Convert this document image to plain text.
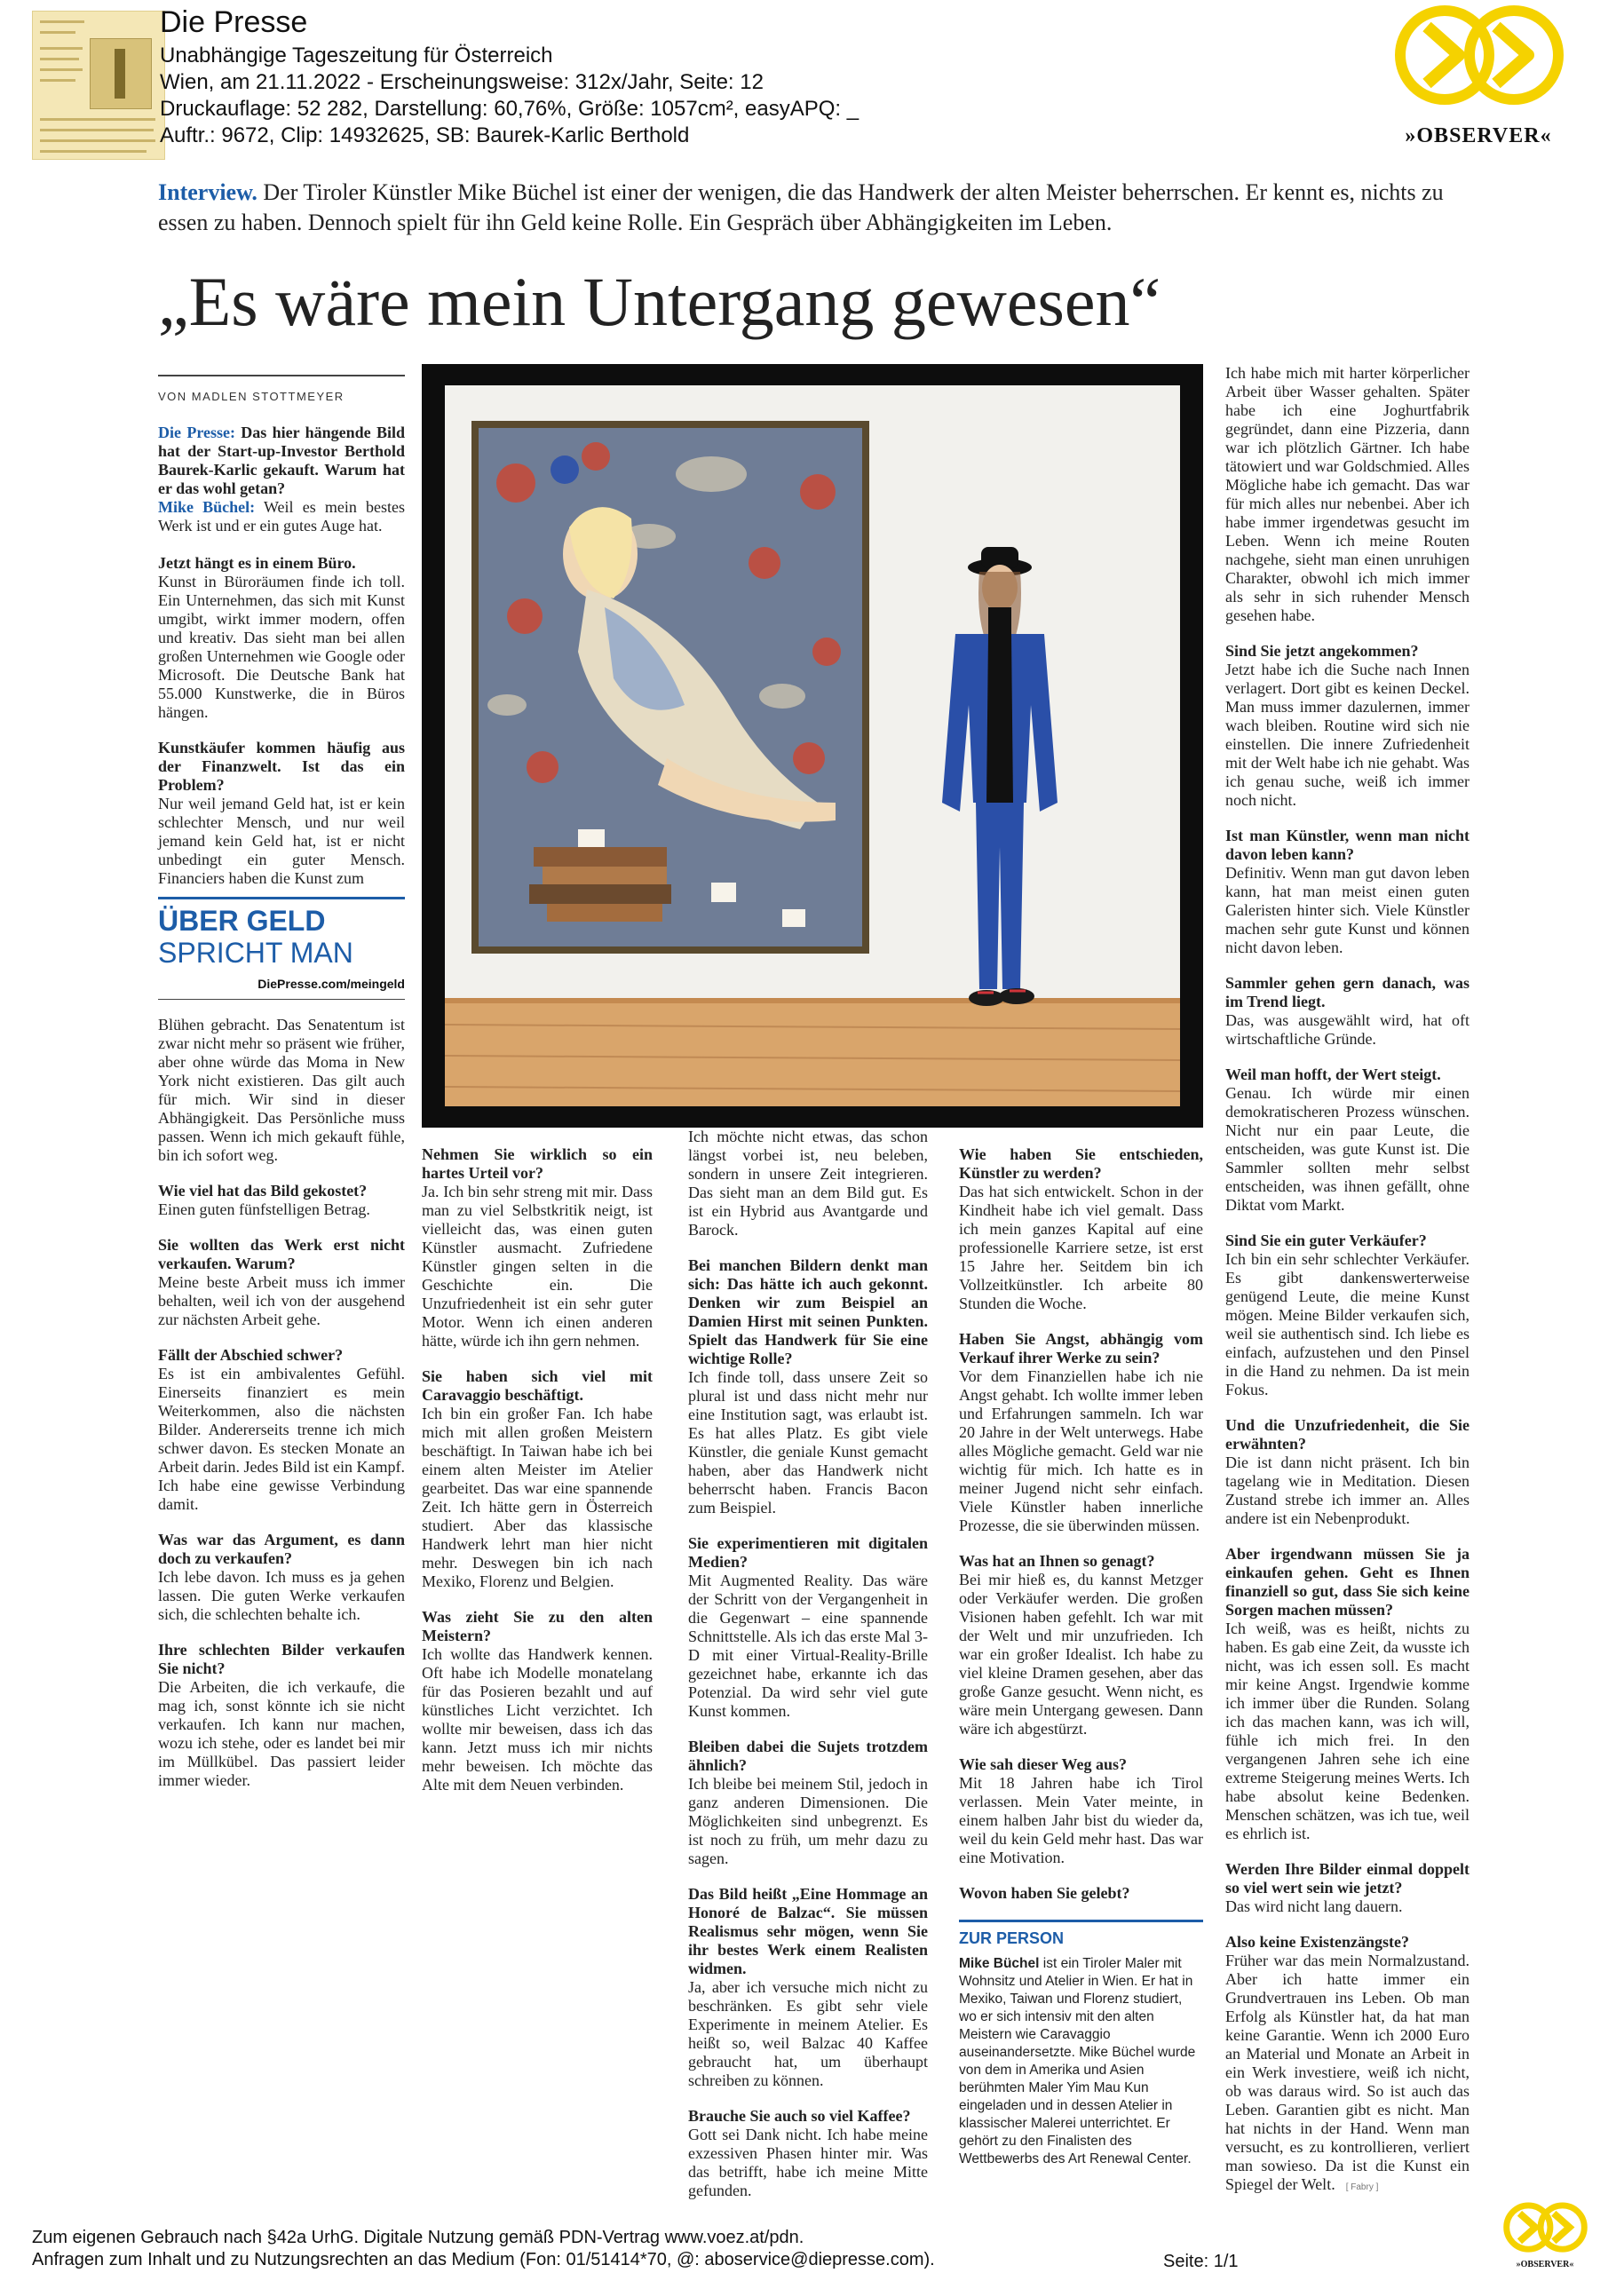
Die Presse
Unabhängige Tageszeitung für Österreich
Wien, am 21.11.2022 - Erscheinungsweise: 312x/Jahr, Seite: 12
Druckauflage: 52 282, Darstellung: 60,76%, Größe: 1057cm², easyAPQ: _
Auftr.: 9672, Clip: 14932625, SB: Baurek-Karlic Berthold	»OBSERVER«
Interview. Der Tiroler Künstler Mike Büchel ist einer der wenigen, die das Handwerk der alten Meister beherrschen. Er kennt es, nichts zu essen zu haben. Dennoch spielt für ihn Geld keine Rolle. Ein Gespräch über Abhängigkeiten im Leben.
„Es wäre mein Untergang gewesen“
VON MADLEN STOTTMEYER

Die Presse: Das hier hängende Bild hat der Start-up-Investor Berthold Baurek-Karlic gekauft. Warum hat er das wohl getan?
Mike Büchel: Weil es mein bestes Werk ist und er ein gutes Auge hat.

Jetzt hängt es in einem Büro.
Kunst in Büroräumen finde ich toll. Ein Unternehmen, das sich mit Kunst umgibt, wirkt immer modern, offen und kreativ. Das sieht man bei allen großen Unternehmen wie Google oder Microsoft. Die Deutsche Bank hat 55.000 Kunstwerke, die in Büros hängen.

Kunstkäufer kommen häufig aus der Finanzwelt. Ist das ein Problem?
Nur weil jemand Geld hat, ist er kein schlechter Mensch, und nur weil jemand kein Geld hat, ist er nicht unbedingt ein guter Mensch. Financiers haben die Kunst zum

ÜBER GELD
SPRICHT MAN
DiePresse.com/meingeld

Blühen gebracht. Das Senatentum ist zwar nicht mehr so präsent wie früher, aber ohne würde das Moma in New York nicht existieren. Das gilt auch für mich. Wir sind in dieser Abhängigkeit. Das Persönliche muss passen. Wenn ich mich gekauft fühle, bin ich sofort weg.

Wie viel hat das Bild gekostet?
Einen guten fünfstelligen Betrag.

Sie wollten das Werk erst nicht verkaufen. Warum?
Meine beste Arbeit muss ich immer behalten, weil ich von der ausgehend zur nächsten Arbeit gehe.

Fällt der Abschied schwer?
Es ist ein ambivalentes Gefühl. Einerseits finanziert es mein Weiterkommen, also die nächsten Bilder. Andererseits trenne ich mich schwer davon. Es stecken Monate an Arbeit darin. Jedes Bild ist ein Kampf. Ich habe eine gewisse Verbindung damit.

Was war das Argument, es dann doch zu verkaufen?
Ich lebe davon. Ich muss es ja gehen lassen. Die guten Werke verkaufen sich, die schlechten behalte ich.

Ihre schlechten Bilder verkaufen Sie nicht?
Die Arbeiten, die ich verkaufe, die mag ich, sonst könnte ich sie nicht verkaufen. Ich kann nur machen, wozu ich stehe, oder es landet bei mir im Müllkübel. Das passiert leider immer wieder.

Nehmen Sie wirklich so ein hartes Urteil vor?
Ja. Ich bin sehr streng mit mir. Dass man zu viel Selbstkritik neigt, ist vielleicht das, was einen guten Künstler ausmacht. Zufriedene Künstler gingen selten in die Geschichte ein. Die Unzufriedenheit ist ein sehr guter Motor. Wenn ich einen anderen hätte, würde ich ihn gern nehmen.

Sie haben sich viel mit Caravaggio beschäftigt.
Ich bin ein großer Fan. Ich habe mich mit allen großen Meistern beschäftigt. In Taiwan habe ich bei einem alten Meister im Atelier gearbeitet. Das war eine spannende Zeit. Ich hätte gern in Österreich studiert. Aber das klassische Handwerk lehrt man hier nicht mehr. Deswegen bin ich nach Mexiko, Florenz und Belgien.

Was zieht Sie zu den alten Meistern?
Ich wollte das Handwerk kennen. Oft habe ich Modelle monatelang für das Posieren bezahlt und auf künstliches Licht verzichtet. Ich wollte mir beweisen, dass ich das kann. Jetzt muss ich mir nichts mehr beweisen. Ich möchte das Alte mit dem Neuen verbinden.

Ich möchte nicht etwas, das schon längst vorbei ist, neu beleben, sondern in unsere Zeit integrieren. Das sieht man an dem Bild gut. Es ist ein Hybrid aus Avantgarde und Barock.

Bei manchen Bildern denkt man sich: Das hätte ich auch gekonnt. Denken wir zum Beispiel an Damien Hirst mit seinen Punkten. Spielt das Handwerk für Sie eine wichtige Rolle?
Ich finde toll, dass unsere Zeit so plural ist und dass nicht mehr nur eine Institution sagt, was erlaubt ist. Es hat alles Platz. Es gibt viele Künstler, die geniale Kunst gemacht haben, aber das Handwerk nicht beherrscht haben. Francis Bacon zum Beispiel.

Sie experimentieren mit digitalen Medien?
Mit Augmented Reality. Das wäre der Schritt von der Vergangenheit in die Gegenwart – eine spannende Schnittstelle. Als ich das erste Mal 3-D mit einer Virtual-Reality-Brille gezeichnet habe, erkannte ich das Potenzial. Da wird sehr viel gute Kunst kommen.

Bleiben dabei die Sujets trotzdem ähnlich?
Ich bleibe bei meinem Stil, jedoch in ganz anderen Dimensionen. Die Möglichkeiten sind unbegrenzt. Es ist noch zu früh, um mehr dazu zu sagen.

Das Bild heißt „Eine Hommage an Honoré de Balzac“. Sie müssen Realismus sehr mögen, wenn Sie ihr bestes Werk einem Realisten widmen.
Ja, aber ich versuche mich nicht zu beschränken. Es gibt sehr viele Experimente in meinem Atelier. Es heißt so, weil Balzac 40 Kaffee gebraucht hat, um überhaupt schreiben zu können.

Brauche Sie auch so viel Kaffee?
Gott sei Dank nicht. Ich habe meine exzessiven Phasen hinter mir. Was das betrifft, habe ich meine Mitte gefunden.

Wie haben Sie entschieden, Künstler zu werden?
Das hat sich entwickelt. Schon in der Kindheit habe ich viel gemalt. Dass ich mein ganzes Kapital auf eine professionelle Karriere setze, ist erst 15 Jahre her. Seitdem bin ich Vollzeitkünstler. Ich arbeite 80 Stunden die Woche.

Haben Sie Angst, abhängig vom Verkauf ihrer Werke zu sein?
Vor dem Finanziellen habe ich nie Angst gehabt. Ich wollte immer leben und Erfahrungen sammeln. Ich war 20 Jahre in der Welt unterwegs. Habe alles Mögliche gemacht. Geld war nie wichtig für mich. Ich hatte es in meiner Jugend nicht sehr einfach. Viele Künstler haben innerliche Prozesse, die sie überwinden müssen.

Was hat an Ihnen so genagt?
Bei mir hieß es, du kannst Metzger oder Verkäufer werden. Die großen Visionen haben gefehlt. Ich war mit der Welt und mir unzufrieden. Ich war ein großer Idealist. Ich habe zu viel kleine Dramen gesehen, aber das große Ganze gesucht. Wenn nicht, es wäre mein Untergang gewesen. Dann wäre ich abgestürzt.

Wie sah dieser Weg aus?
Mit 18 Jahren habe ich Tirol verlassen. Mein Vater meinte, in einem halben Jahr bist du wieder da, weil du kein Geld mehr hast. Das war eine Motivation.

Wovon haben Sie gelebt?

ZUR PERSON
Mike Büchel ist ein Tiroler Maler mit Wohnsitz und Atelier in Wien. Er hat in Mexiko, Taiwan und Florenz studiert, wo er sich intensiv mit den alten Meistern wie Caravaggio auseinandersetzte. Mike Büchel wurde von dem in Amerika und Asien berühmten Maler Yim Mau Kun eingeladen und in dessen Atelier in klassischer Malerei unterrichtet. Er gehört zu den Finalisten des Wettbewerbs des Art Renewal Center.

Ich habe mich mit harter körperlicher Arbeit über Wasser gehalten. Später habe ich eine Joghurtfabrik gegründet, dann eine Pizzeria, dann war ich plötzlich Gärtner. Ich habe tätowiert und war Goldschmied. Alles Mögliche habe ich gemacht. Das war für mich alles nur nebenbei. Aber ich habe immer irgendetwas gesucht im Leben. Wenn ich meine Routen nachgehe, sieht man einen unruhigen Charakter, obwohl ich mich immer als sehr in sich ruhender Mensch gesehen habe.

Sind Sie jetzt angekommen?
Jetzt habe ich die Suche nach Innen verlagert. Dort gibt es keinen Deckel. Man muss immer dazulernen, immer wach bleiben. Routine wird sich nie einstellen. Die innere Zufriedenheit mit der Welt habe ich nie gehabt. Was ich genau suche, weiß ich immer noch nicht.

Ist man Künstler, wenn man nicht davon leben kann?
Definitiv. Wenn man gut davon leben kann, hat man meist einen guten Galeristen hinter sich. Viele Künstler machen sehr gute Kunst und können nicht davon leben.

Sammler gehen gern danach, was im Trend liegt.
Das, was ausgewählt wird, hat oft wirtschaftliche Gründe.

Weil man hofft, der Wert steigt.
Genau. Ich würde mir einen demokratischeren Prozess wünschen. Nicht nur ein paar Leute, die entscheiden, was gute Kunst ist. Die Sammler sollten mehr selbst entscheiden, was ihnen gefällt, ohne Diktat vom Markt.

Sind Sie ein guter Verkäufer?
Ich bin ein sehr schlechter Verkäufer. Es gibt dankenswerterweise genügend Leute, die meine Kunst mögen. Meine Bilder verkaufen sich, weil sie authentisch sind. Ich liebe es einfach, aufzustehen und den Pinsel in die Hand zu nehmen. Da ist mein Fokus.

Und die Unzufriedenheit, die Sie erwähnten?
Die ist dann nicht präsent. Ich bin tagelang wie in Meditation. Diesen Zustand strebe ich immer an. Alles andere ist ein Nebenprodukt.

Aber irgendwann müssen Sie ja einkaufen gehen. Geht es Ihnen finanziell so gut, dass Sie sich keine Sorgen machen müssen?
Ich weiß, was es heißt, nichts zu haben. Es gab eine Zeit, da wusste ich nicht, was ich essen soll. Es macht mir keine Angst. Irgendwie komme ich immer über die Runden. Solang ich das machen kann, was ich will, fühle ich mich frei. In den vergangenen Jahren sehe ich eine extreme Steigerung meines Werts. Ich habe absolut keine Bedenken. Menschen schätzen, was ich tue, weil es ehrlich ist.

Werden Ihre Bilder einmal doppelt so viel wert sein wie jetzt?
Das wird nicht lang dauern.

Also keine Existenzängste?
Früher war das mein Normalzustand. Aber ich hatte immer ein Grundvertrauen ins Leben. Ob man Erfolg als Künstler hat, da hat man keine Garantie. Wenn ich 2000 Euro an Material und Monate an Arbeit in ein Werk investiere, weiß ich nicht, ob was daraus wird. So ist auch das Leben. Garantien gibt es nicht. Man hat nichts in der Hand. Wenn man versucht, es zu kontrollieren, verliert man sowieso. Da ist die Kunst ein Spiegel der Welt. [ Fabry ]

Zum eigenen Gebrauch nach §42a UrhG. Digitale Nutzung gemäß PDN-Vertrag www.voez.at/pdn.
Anfragen zum Inhalt und zu Nutzungsrechten an das Medium (Fon: 01/51414*70, @: aboservice@diepresse.com).	Seite: 1/1	»OBSERVER«
